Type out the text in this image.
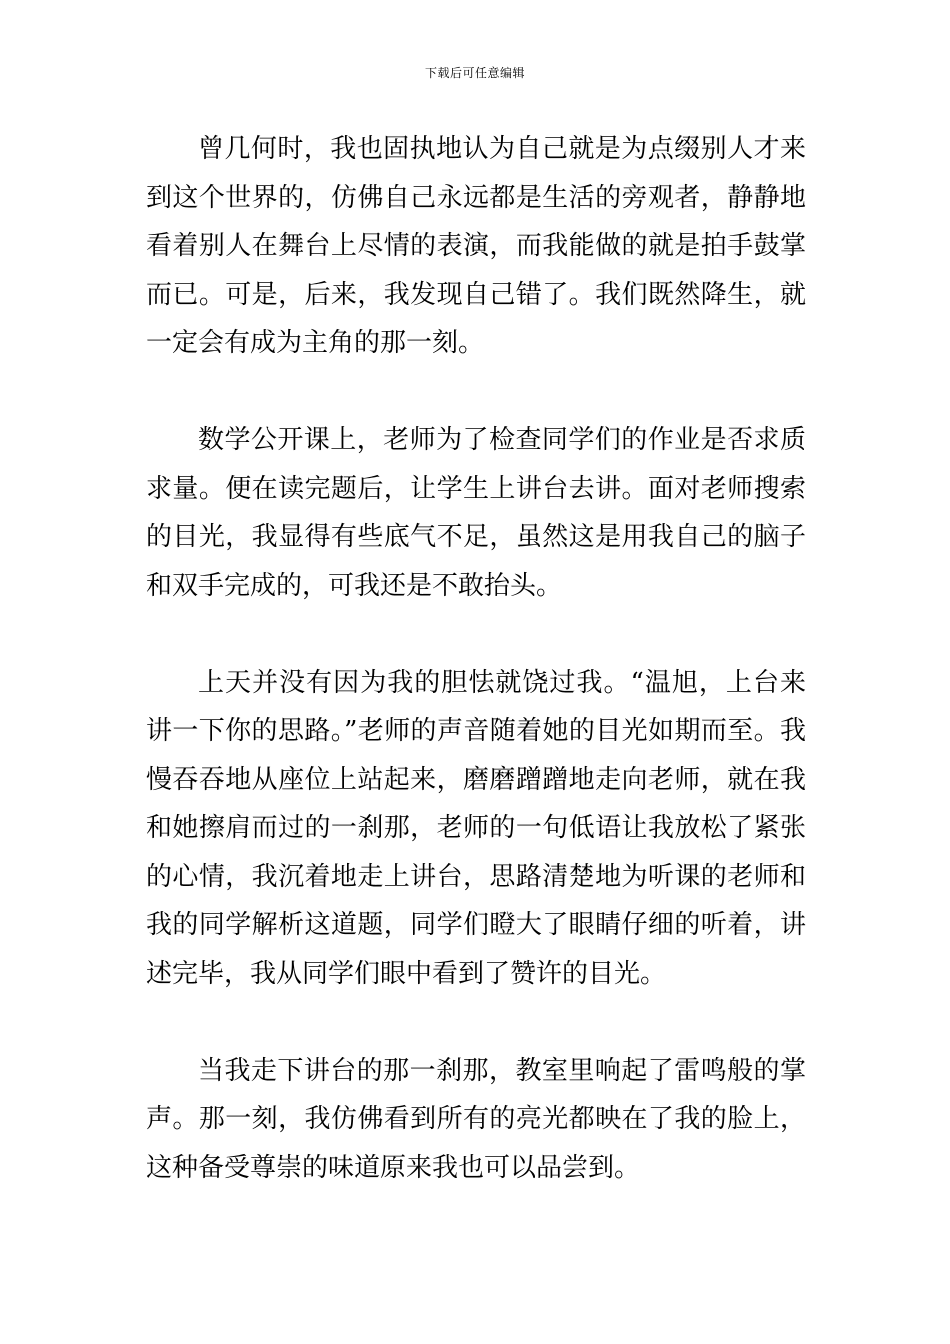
下载后可任意编辑

曾几何时，我也固执地认为自己就是为点缀别人才来到这个世界的，仿佛自己永远都是生活的旁观者，静静地看着别人在舞台上尽情的表演，而我能做的就是拍手鼓掌而已。可是，后来，我发现自己错了。我们既然降生，就一定会有成为主角的那一刻。

数学公开课上，老师为了检查同学们的作业是否求质求量。便在读完题后，让学生上讲台去讲。面对老师搜索的目光，我显得有些底气不足，虽然这是用我自己的脑子和双手完成的，可我还是不敢抬头。

上天并没有因为我的胆怯就饶过我。“温旭，上台来讲一下你的思路。”老师的声音随着她的目光如期而至。我慢吞吞地从座位上站起来，磨磨蹭蹭地走向老师，就在我和她擦肩而过的一刹那，老师的一句低语让我放松了紧张的心情，我沉着地走上讲台，思路清楚地为听课的老师和我的同学解析这道题，同学们瞪大了眼睛仔细的听着，讲述完毕，我从同学们眼中看到了赞许的目光。

当我走下讲台的那一刹那，教室里响起了雷鸣般的掌声。那一刻，我仿佛看到所有的亮光都映在了我的脸上，这种备受尊崇的味道原来我也可以品尝到。
